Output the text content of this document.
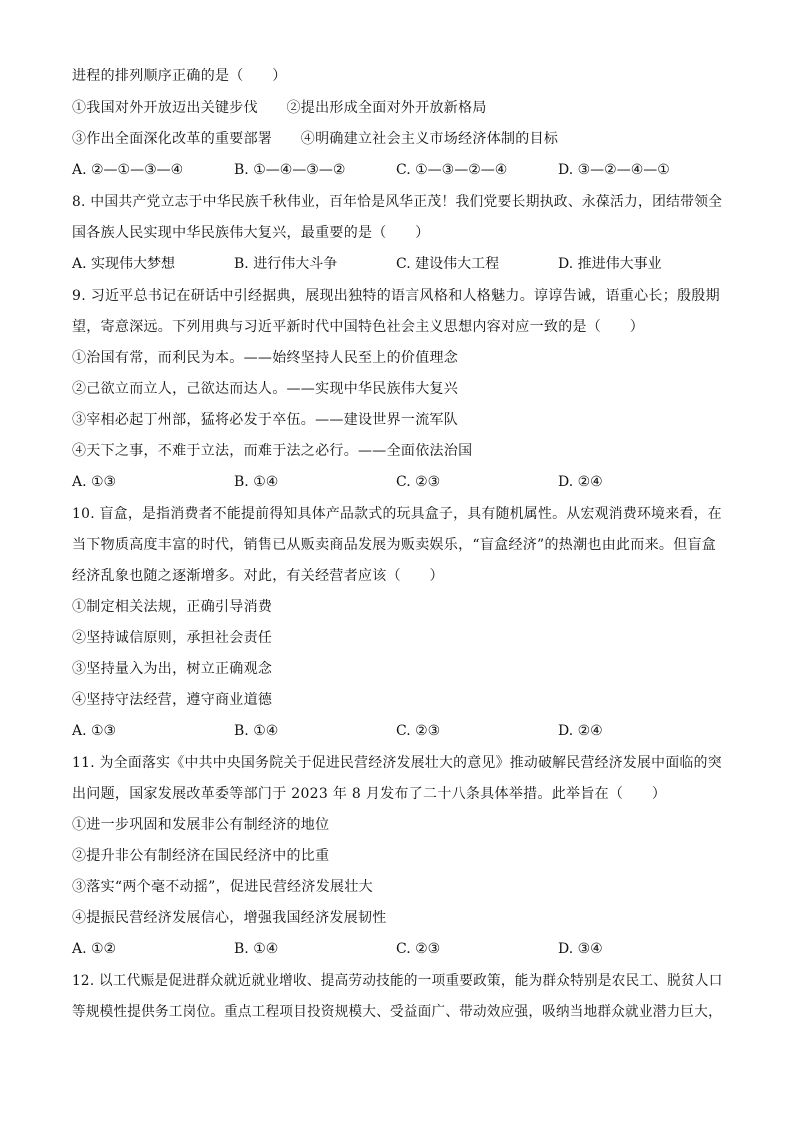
进程的排列顺序正确的是（　　）
①我国对外开放迈出关键步伐　　②提出形成全面对外开放新格局
③作出全面深化改革的重要部署　　④明确建立社会主义市场经济体制的目标
A. ②—①—③—④	B. ①—④—③—②	C. ①—③—②—④	D. ③—②—④—①
8. 中国共产党立志于中华民族千秋伟业，百年恰是风华正茂！我们党要长期执政、永葆活力，团结带领全
国各族人民实现中华民族伟大复兴，最重要的是（　　）
A. 实现伟大梦想	B. 进行伟大斗争	C. 建设伟大工程	D. 推进伟大事业
9. 习近平总书记在研话中引经据典，展现出独特的语言风格和人格魅力。谆谆告诫，语重心长；殷殷期
望，寄意深远。下列用典与习近平新时代中国特色社会主义思想内容对应一致的是（　　）
①治国有常，而利民为本。——始终坚持人民至上的价值理念
②己欲立而立人，己欲达而达人。——实现中华民族伟大复兴
③宰相必起丁州部，猛将必发于卒伍。——建设世界一流军队
④天下之事，不难于立法，而难于法之必行。——全面依法治国
A. ①③	B. ①④	C. ②③	D. ②④
10. 盲盒，是指消费者不能提前得知具体产品款式的玩具盒子，具有随机属性。从宏观消费环境来看，在
当下物质高度丰富的时代，销售已从贩卖商品发展为贩卖娱乐，“盲盒经济”的热潮也由此而来。但盲盒
经济乱象也随之逐渐增多。对此，有关经营者应该（　　）
①制定相关法规，正确引导消费
②坚持诚信原则，承担社会责任
③坚持量入为出，树立正确观念
④坚持守法经营，遵守商业道德
A. ①③	B. ①④	C. ②③	D. ②④
11. 为全面落实《中共中央国务院关于促进民营经济发展壮大的意见》推动破解民营经济发展中面临的突
出问题，国家发展改革委等部门于 2023 年 8 月发布了二十八条具体举措。此举旨在（　　）
①进一步巩固和发展非公有制经济的地位
②提升非公有制经济在国民经济中的比重
③落实“两个毫不动摇”，促进民营经济发展壮大
④提振民营经济发展信心，增强我国经济发展韧性
A. ①②	B. ①④	C. ②③	D. ③④
12. 以工代赈是促进群众就近就业增收、提高劳动技能的一项重要政策，能为群众特别是农民工、脱贫人口
等规模性提供务工岗位。重点工程项目投资规模大、受益面广、带动效应强，吸纳当地群众就业潜力巨大，
